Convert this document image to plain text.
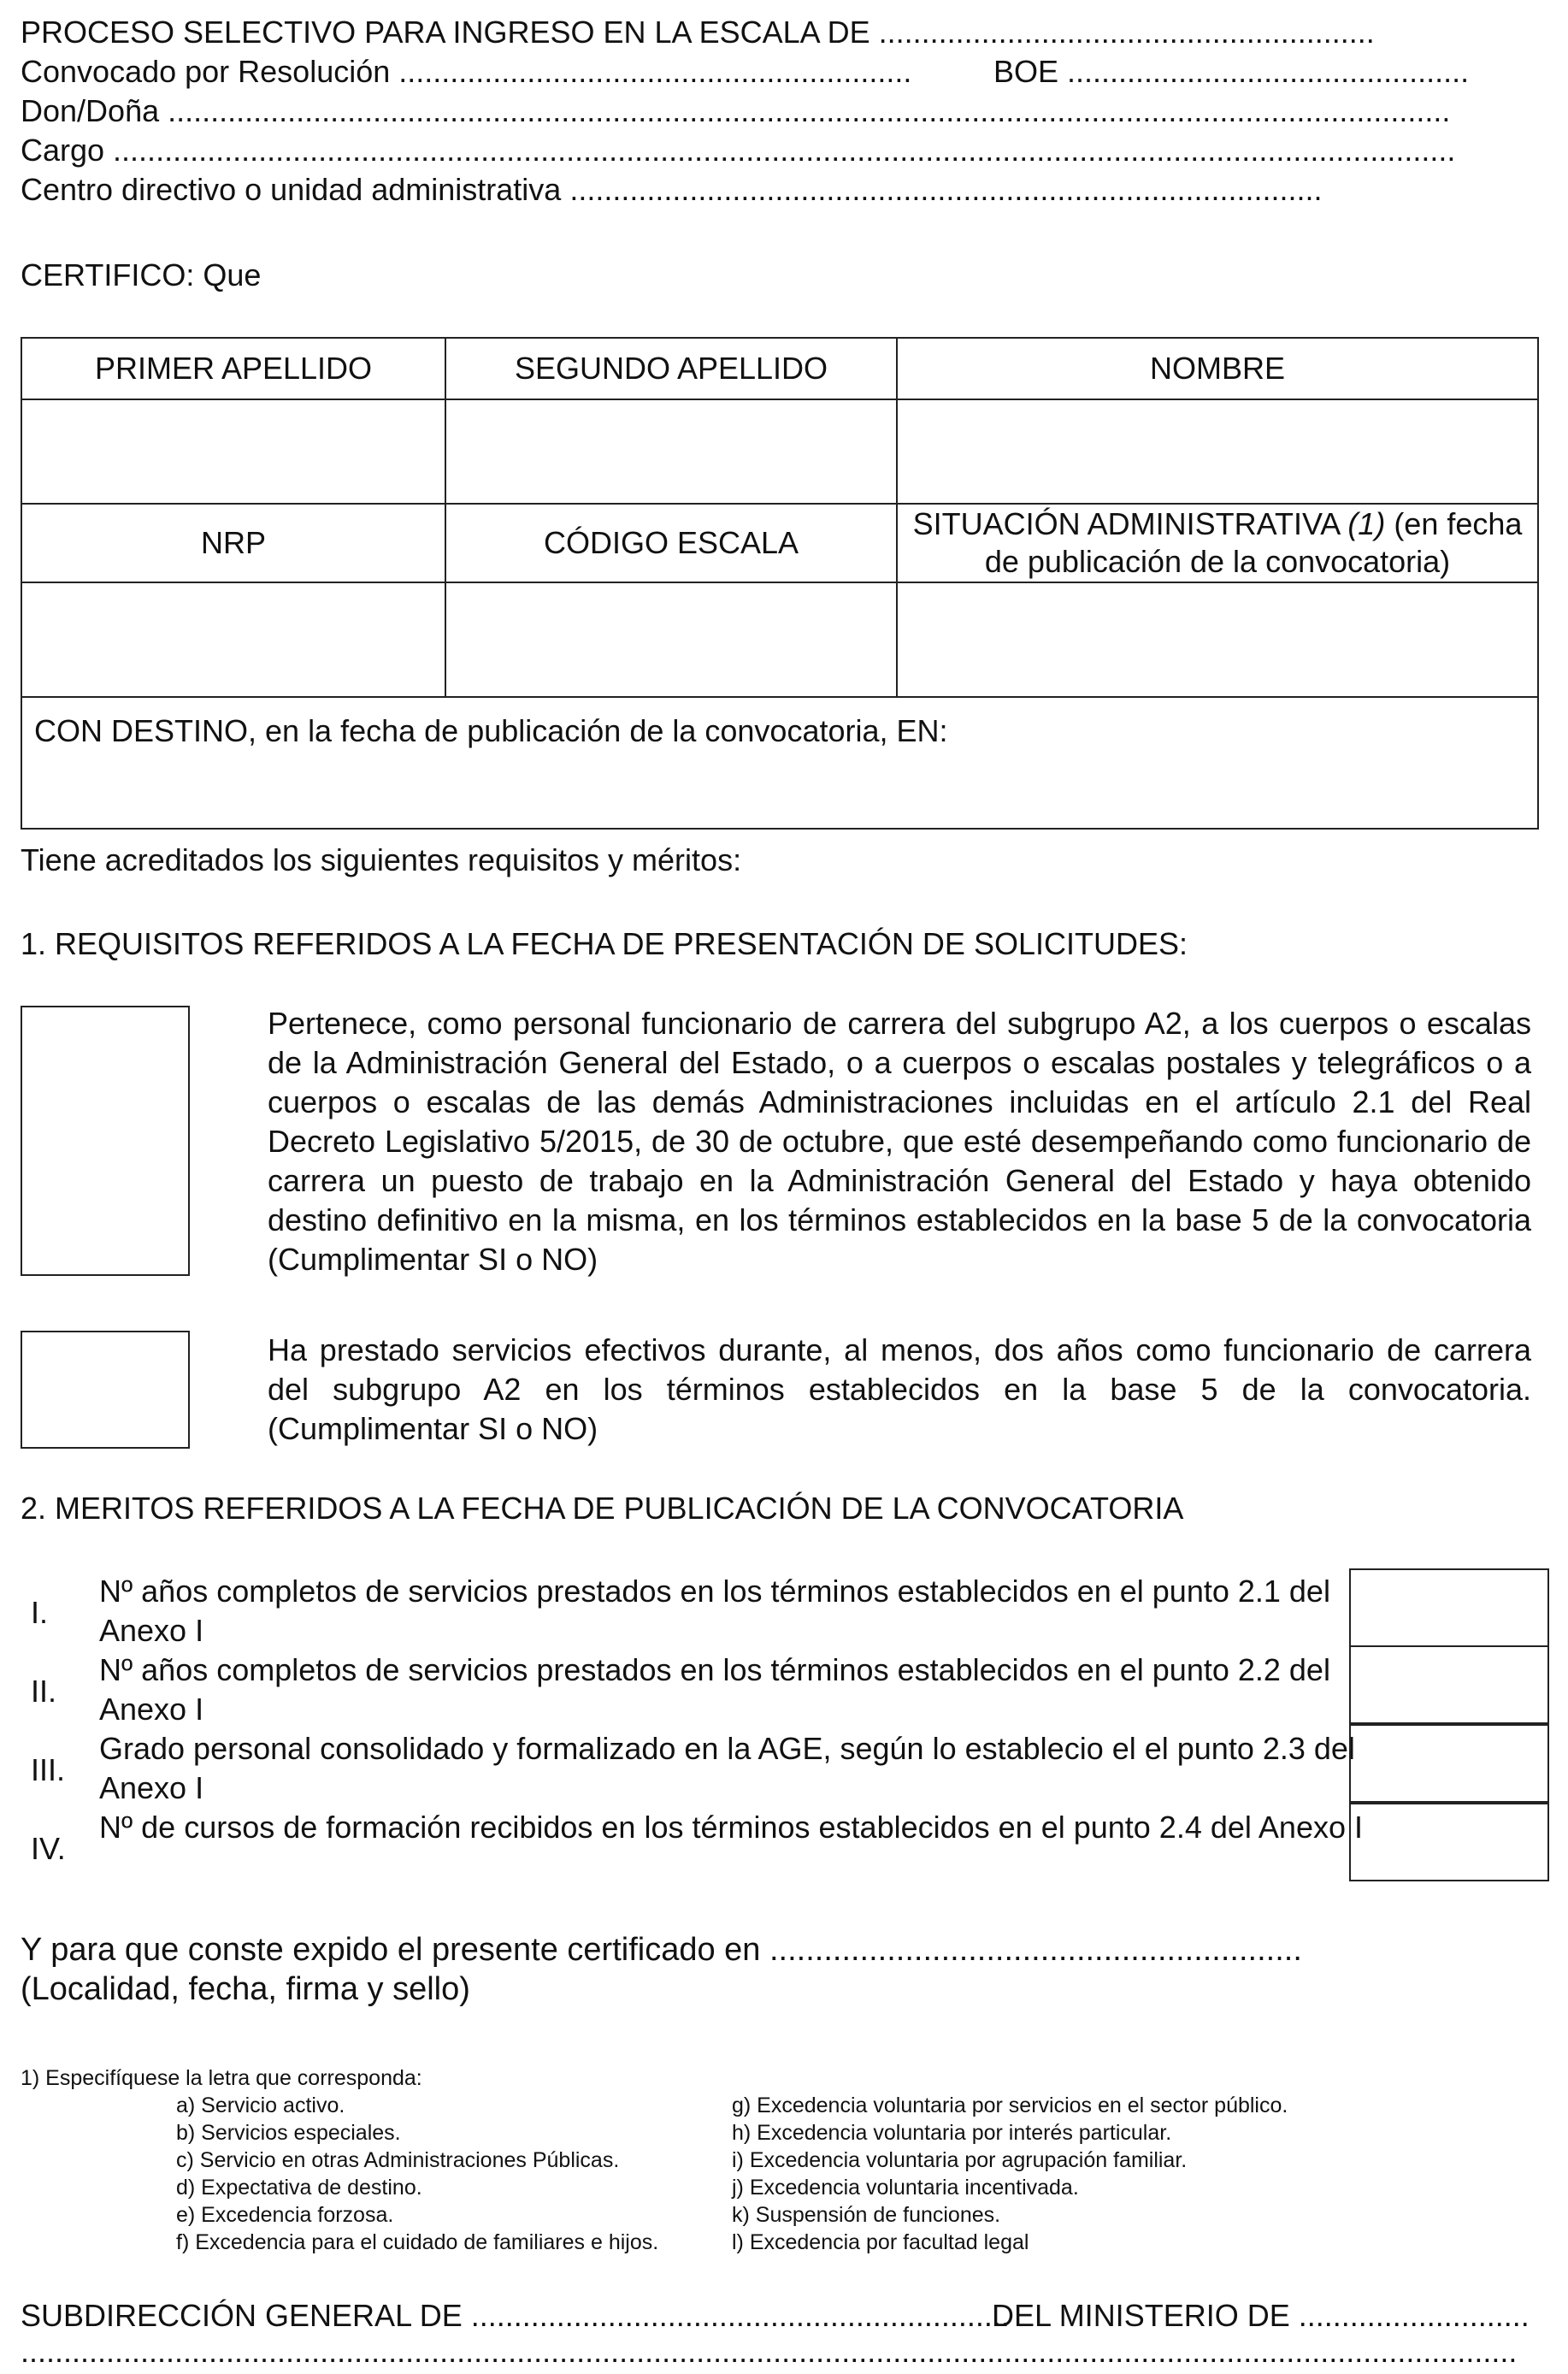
PROCESO SELECTIVO PARA INGRESO EN LA ESCALA DE ..........................................................
Convocado por Resolución ............................................................	BOE ...............................................
Don/Doña ......................................................................................................................................................
Cargo .............................................................................................................................................................
Centro directivo o unidad administrativa ........................................................................................
CERTIFICO: Que
PRIMER APELLIDO	SEGUNDO APELLIDO	NOMBRE

NRP	CÓDIGO ESCALA	SITUACIÓN ADMINISTRATIVA (1) (en fecha de publicación de la convocatoria)

CON DESTINO, en la fecha de publicación de la convocatoria, EN:		
Tiene acreditados los siguientes requisitos y méritos:
1. REQUISITOS REFERIDOS A LA FECHA DE PRESENTACIÓN DE SOLICITUDES:
Pertenece, como personal funcionario de carrera del subgrupo A2, a los cuerpos o escalas de la Administración General del Estado, o a cuerpos o escalas postales y telegráficos o a cuerpos o escalas de las demás Administraciones incluidas en el artículo 2.1 del Real Decreto Legislativo 5/2015, de 30 de octubre, que esté desempeñando como funcionario de carrera un puesto de trabajo en la Administración General del Estado y haya obtenido destino definitivo en la misma, en los términos establecidos en la base 5 de la convocatoria (Cumplimentar SI o NO)
Ha prestado servicios efectivos durante, al menos, dos años como funcionario de carrera del subgrupo A2 en los términos establecidos en la base 5 de la convocatoria. (Cumplimentar SI o NO)
2. MERITOS REFERIDOS A LA FECHA DE PUBLICACIÓN DE LA CONVOCATORIA
I.
Nº años completos de servicios prestados en los términos establecidos en el punto 2.1 del Anexo I
II.
Nº años completos de servicios prestados en los términos establecidos en el punto 2.2 del Anexo I
III.
Grado personal consolidado y formalizado en la AGE, según lo establecio el el punto 2.3 del Anexo I
IV.
Nº de cursos de formación recibidos en los términos establecidos en el punto 2.4 del Anexo I
Y para que conste expido el presente certificado en ...........................................................
(Localidad, fecha, firma y sello)
1) Especifíquese la letra que corresponda:
a) Servicio activo.
b) Servicios especiales.
c) Servicio en otras Administraciones Públicas.
d) Expectativa de destino.
e) Excedencia forzosa.
f) Excedencia para el cuidado de familiares e hijos.
g) Excedencia voluntaria por servicios en el sector público.
h) Excedencia voluntaria por interés particular.
i) Excedencia voluntaria por agrupación familiar.
j) Excedencia voluntaria incentivada.
k) Suspensión de funciones.
l) Excedencia por facultad legal
SUBDIRECCIÓN GENERAL DE ...............................................................
DEL MINISTERIO DE ...........................
...............................................................................................................................................................................
